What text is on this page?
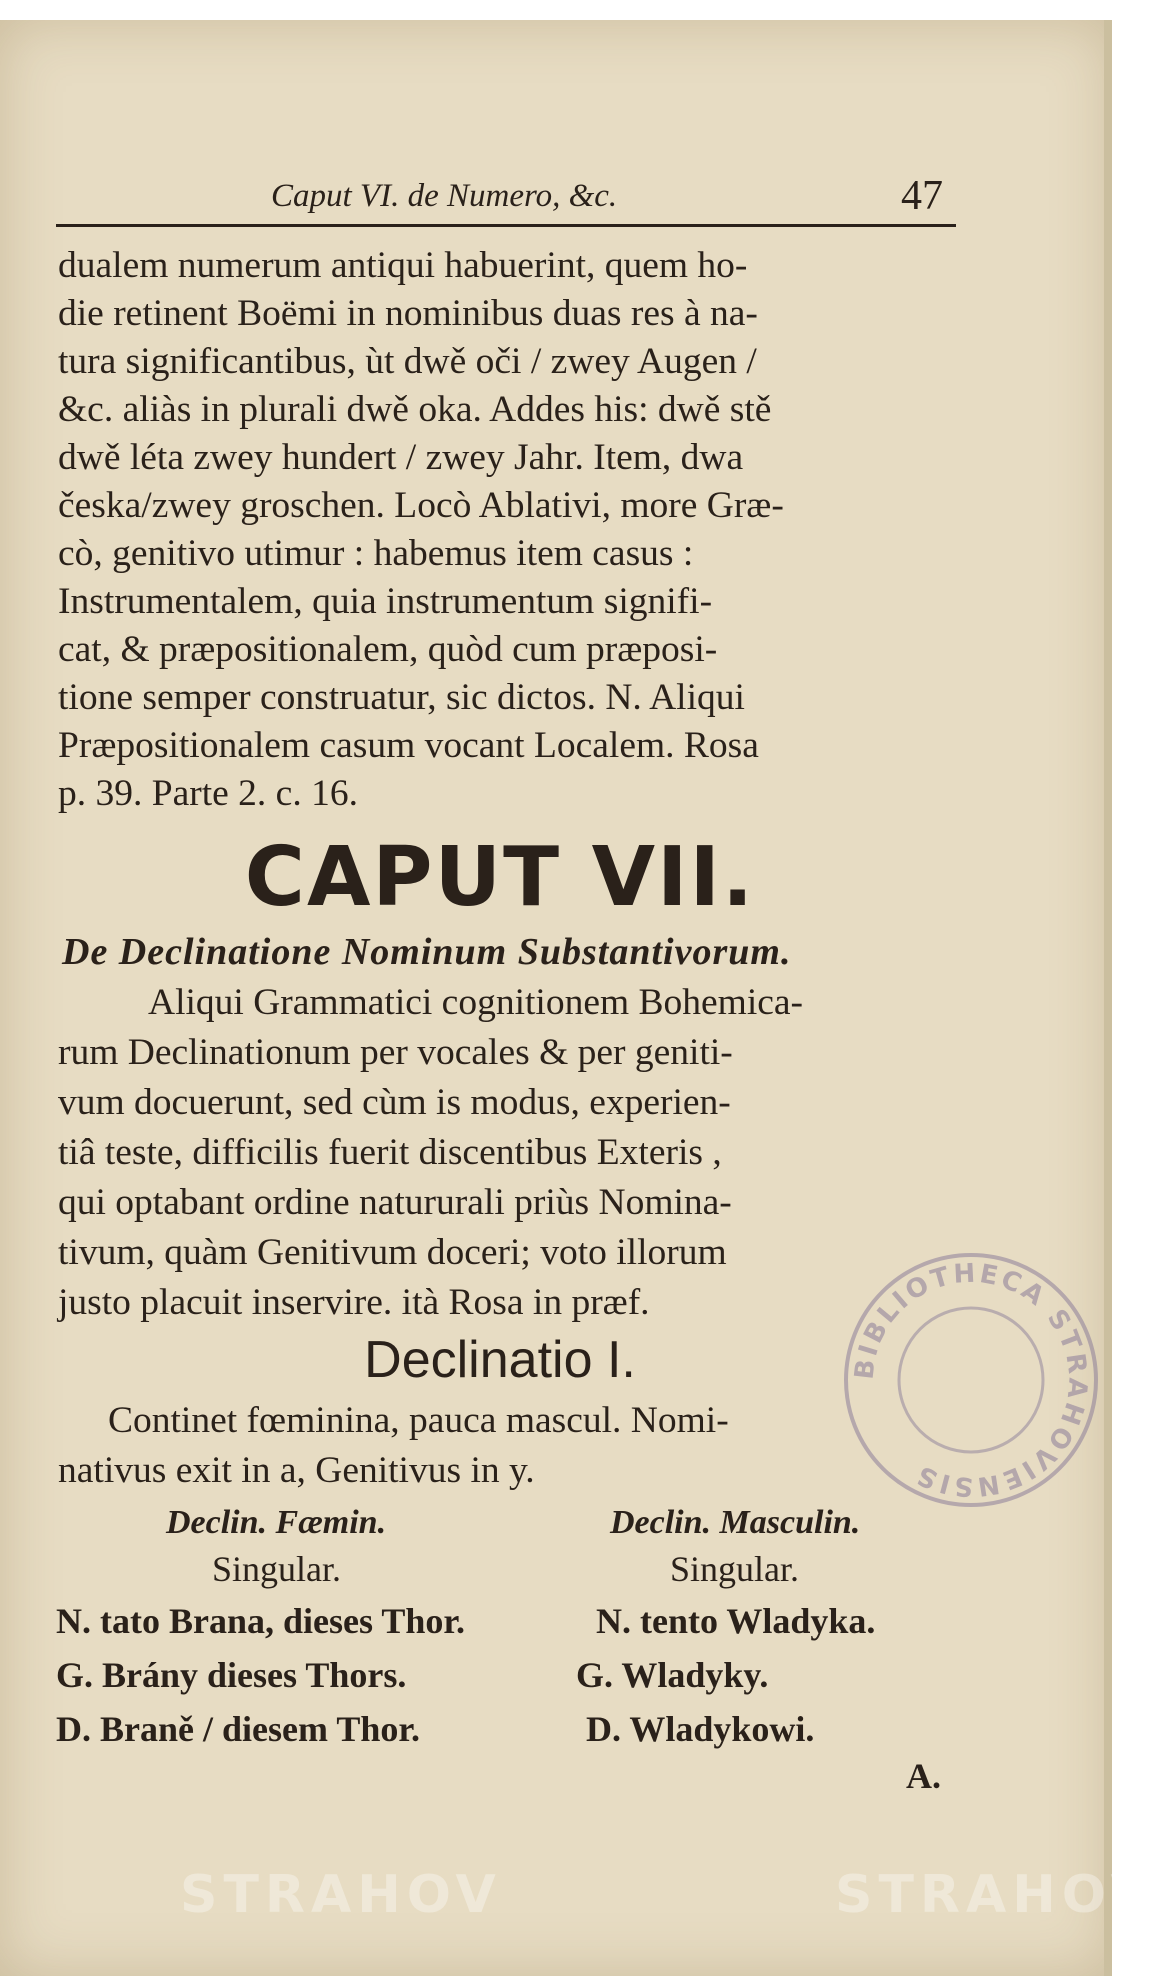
Caput VI. de Numero, &c.	47
dualem numerum antiqui habuerint, quem ho-
die retinent Boëmi in nominibus duas res à na-
tura significantibus, ùt dwě oči / zwey Augen /
&c. aliàs in plurali dwě oka. Addes his: dwě stě
dwě léta zwey hundert / zwey Jahr. Item, dwa
česka/zwey groschen. Locò Ablativi, more Græ-
cò, genitivo utimur : habemus item casus :
Instrumentalem, quia instrumentum signifi-
cat, & præpositionalem, quòd cum præposi-
tione semper construatur, sic dictos. N. Aliqui
Præpositionalem casum vocant Localem. Rosa
p. 39. Parte 2. c. 16.
CAPUT VII.
De Declinatione Nominum Substantivorum.
Aliqui Grammatici cognitionem Bohemica-
rum Declinationum per vocales & per geniti-
vum docuerunt, sed cùm is modus, experien-
tiâ teste, difficilis fuerit discentibus Exteris ,
qui optabant ordine natururali priùs Nomina-
tivum, quàm Genitivum doceri; voto illorum
justo placuit inservire. ità Rosa in præf.
Declinatio I.
Continet fœminina, pauca mascul. Nomi-
nativus exit in a, Genitivus in y.
Declin. Fæmin.	Declin. Masculin.
Singular.	Singular.
N. tato Brana, dieses Thor.	N. tento Wladyka.
G. Brány dieses Thors.	G. Wladyky.
D. Braně / diesem Thor.	D. Wladykowi.
A.
BIBLIOTHECA STRAHOVIENSIS
STRAHOV	STRAHOV
